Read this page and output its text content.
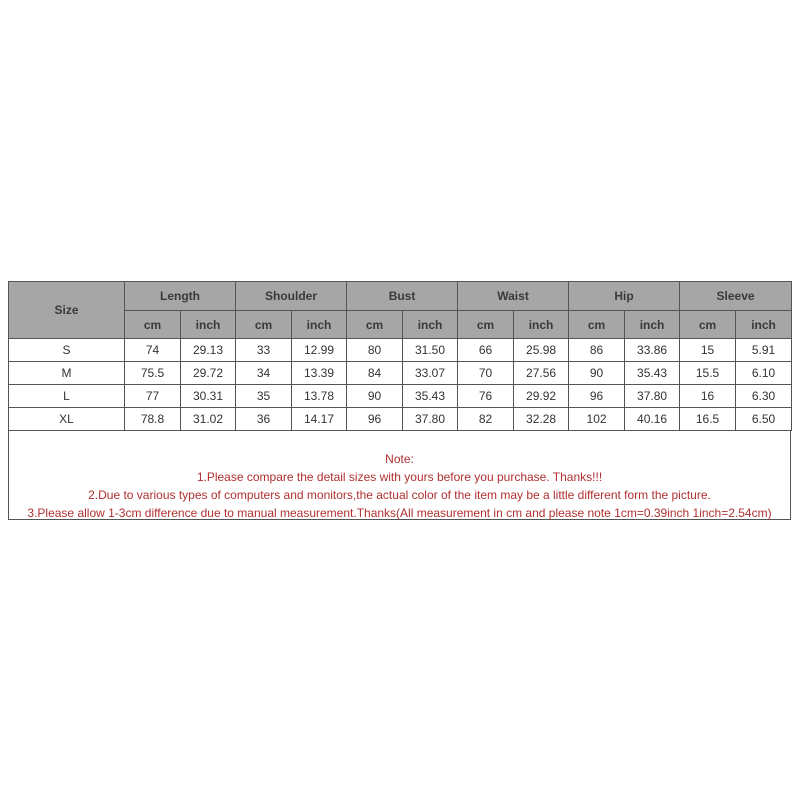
Size	Length		Shoulder		Bust		Waist		Hip		Sleeve	
	cm	inch	cm	inch	cm	inch	cm	inch	cm	inch	cm	inch
S	74	29.13	33	12.99	80	31.50	66	25.98	86	33.86	15	5.91
M	75.5	29.72	34	13.39	84	33.07	70	27.56	90	35.43	15.5	6.10
L	77	30.31	35	13.78	90	35.43	76	29.92	96	37.80	16	6.30
XL	78.8	31.02	36	14.17	96	37.80	82	32.28	102	40.16	16.5	6.50
Note:
1.Please compare the detail sizes with yours before you purchase. Thanks!!!
2.Due to various types of computers and monitors,the actual color of the item may be a little different form the picture.
3.Please allow 1-3cm difference due to manual measurement.Thanks(All measurement in cm and please note 1cm=0.39inch 1inch=2.54cm)
